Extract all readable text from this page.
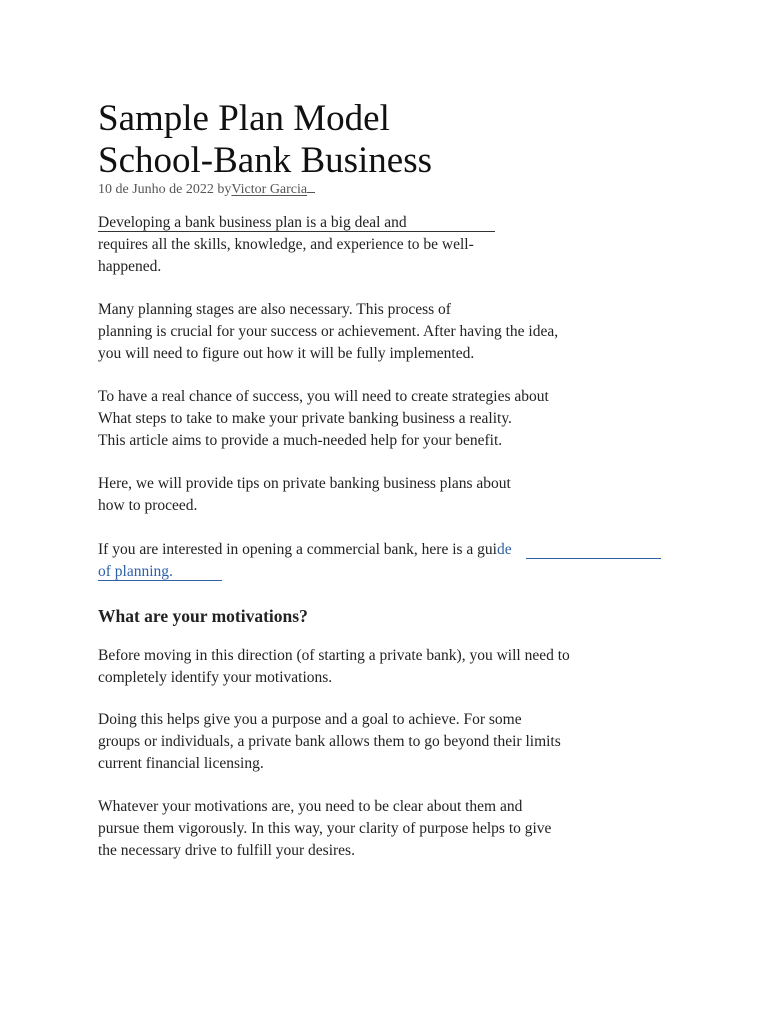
Sample Plan Model
School-Bank Business
10 de Junho de 2022 byVictor Garcia
Developing a bank business plan is a big deal and
requires all the skills, knowledge, and experience to be well-
happened.
Many planning stages are also necessary. This process of
planning is crucial for your success or achievement. After having the idea,
you will need to figure out how it will be fully implemented.
To have a real chance of success, you will need to create strategies about
What steps to take to make your private banking business a reality.
This article aims to provide a much-needed help for your benefit.
Here, we will provide tips on private banking business plans about
how to proceed.
If you are interested in opening a commercial bank, here is a guide
of planning.
What are your motivations?
Before moving in this direction (of starting a private bank), you will need to
completely identify your motivations.
Doing this helps give you a purpose and a goal to achieve. For some
groups or individuals, a private bank allows them to go beyond their limits
current financial licensing.
Whatever your motivations are, you need to be clear about them and
pursue them vigorously. In this way, your clarity of purpose helps to give
the necessary drive to fulfill your desires.
